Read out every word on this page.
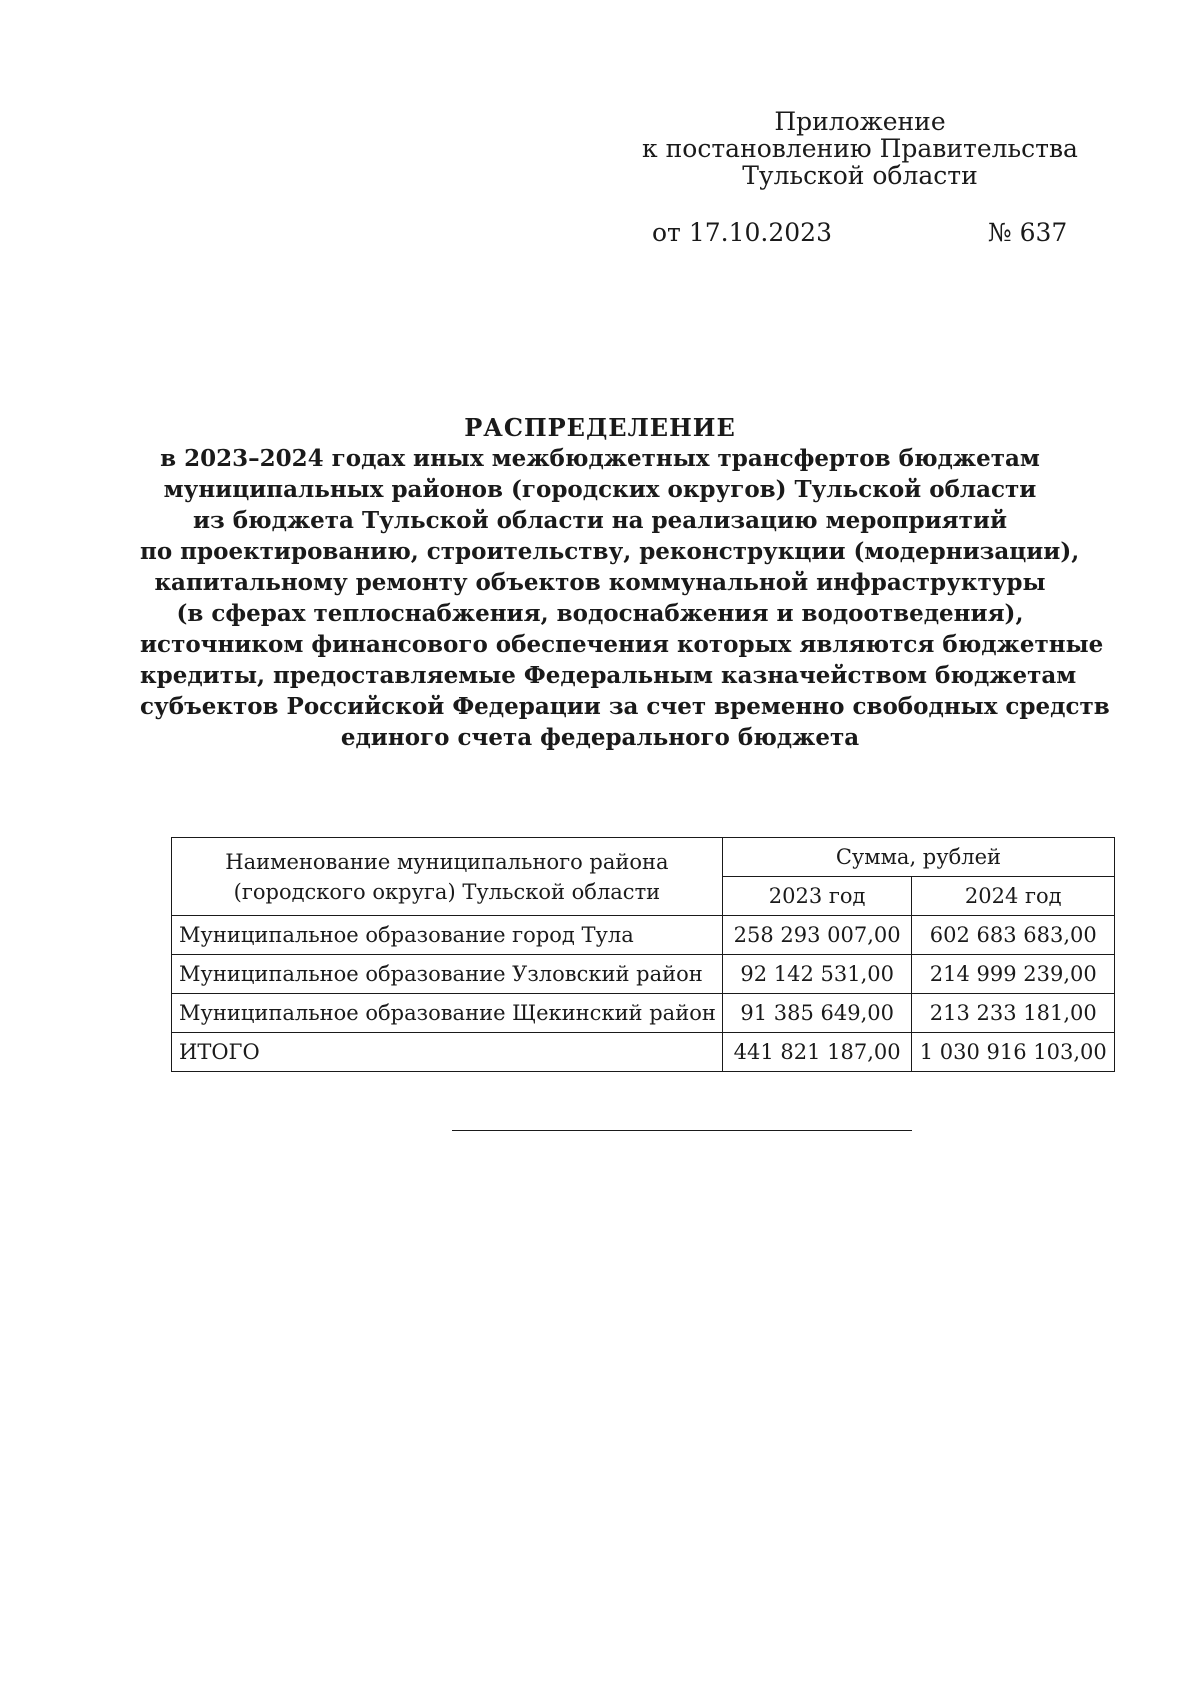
Приложение
к постановлению Правительства
Тульской области
от 17.10.2023	№ 637
РАСПРЕДЕЛЕНИЕ
в 2023–2024 годах иных межбюджетных трансфертов бюджетам
муниципальных районов (городских округов) Тульской области
из бюджета Тульской области на реализацию мероприятий
по проектированию, строительству, реконструкции (модернизации),
капитальному ремонту объектов коммунальной инфраструктуры
(в сферах теплоснабжения, водоснабжения и водоотведения),
источником финансового обеспечения которых являются бюджетные
кредиты, предоставляемые Федеральным казначейством бюджетам
субъектов Российской Федерации за счет временно свободных средств
единого счета федерального бюджета
Наименование муниципального района
(городского округа) Тульской области	Сумма, рублей	
	2023 год	2024 год
Муниципальное образование город Тула	258 293 007,00	602 683 683,00
Муниципальное образование Узловский район	92 142 531,00	214 999 239,00
Муниципальное образование Щекинский район	91 385 649,00	213 233 181,00
ИТОГО	441 821 187,00	1 030 916 103,00
